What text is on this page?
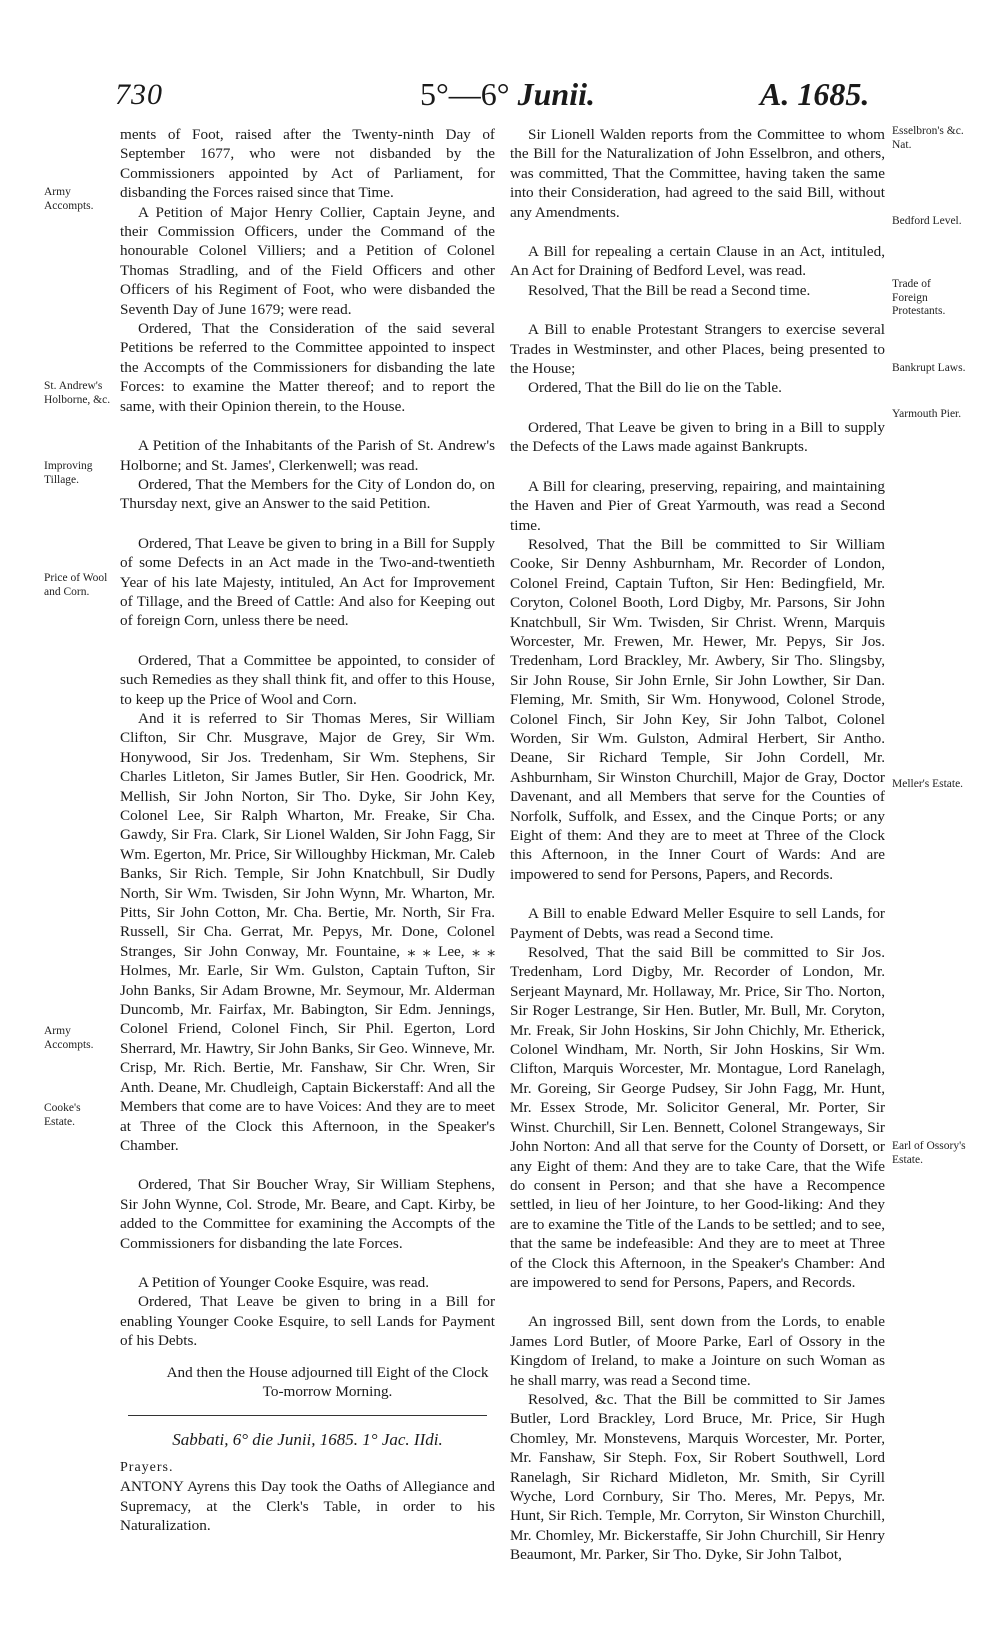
730	5°—6° Junii.	A. 1685.
Army Accompts.
St. Andrew's Holborne, &c.
Improving Tillage.
Price of Wool and Corn.
Army Accompts.
Cooke's Estate.
Esselbron's &c. Nat.
Bedford Level.
Trade of Foreign Protestants.
Bankrupt Laws.
Yarmouth Pier.
Meller's Estate.
Earl of Ossory's Estate.

ments of Foot, raised after the Twenty-ninth Day of September 1677, who were not disbanded by the Commissioners appointed by Act of Parliament, for disbanding the Forces raised since that Time.

A Petition of Major Henry Collier, Captain Jeyne, and their Commission Officers, under the Command of the honourable Colonel Villiers; and a Petition of Colonel Thomas Stradling, and of the Field Officers and other Officers of his Regiment of Foot, who were disbanded the Seventh Day of June 1679; were read.

Ordered, That the Consideration of the said several Petitions be referred to the Committee appointed to inspect the Accompts of the Commissioners for disbanding the late Forces: to examine the Matter thereof; and to report the same, with their Opinion therein, to the House.

A Petition of the Inhabitants of the Parish of St. Andrew's Holborne; and St. James', Clerkenwell; was read.

Ordered, That the Members for the City of London do, on Thursday next, give an Answer to the said Petition.

Ordered, That Leave be given to bring in a Bill for Supply of some Defects in an Act made in the Two-and-twentieth Year of his late Majesty, intituled, An Act for Improvement of Tillage, and the Breed of Cattle: And also for Keeping out of foreign Corn, unless there be need.

Ordered, That a Committee be appointed, to consider of such Remedies as they shall think fit, and offer to this House, to keep up the Price of Wool and Corn.

And it is referred to Sir Thomas Meres, Sir William Clifton, Sir Chr. Musgrave, Major de Grey, Sir Wm. Honywood, Sir Jos. Tredenham, Sir Wm. Stephens, Sir Charles Litleton, Sir James Butler, Sir Hen. Goodrick, Mr. Mellish, Sir John Norton, Sir Tho. Dyke, Sir John Key, Colonel Lee, Sir Ralph Wharton, Mr. Freake, Sir Cha. Gawdy, Sir Fra. Clark, Sir Lionel Walden, Sir John Fagg, Sir Wm. Egerton, Mr. Price, Sir Willoughby Hickman, Mr. Caleb Banks, Sir Rich. Temple, Sir John Knatchbull, Sir Dudly North, Sir Wm. Twisden, Sir John Wynn, Mr. Wharton, Mr. Pitts, Sir John Cotton, Mr. Cha. Bertie, Mr. North, Sir Fra. Russell, Sir Cha. Gerrat, Mr. Pepys, Mr. Done, Colonel Stranges, Sir John Conway, Mr. Fountaine, ⁎ ⁎ Lee, ⁎ ⁎ Holmes, Mr. Earle, Sir Wm. Gulston, Captain Tufton, Sir John Banks, Sir Adam Browne, Mr. Seymour, Mr. Alderman Duncomb, Mr. Fairfax, Mr. Babington, Sir Edm. Jennings, Colonel Friend, Colonel Finch, Sir Phil. Egerton, Lord Sherrard, Mr. Hawtry, Sir John Banks, Sir Geo. Winneve, Mr. Crisp, Mr. Rich. Bertie, Mr. Fanshaw, Sir Chr. Wren, Sir Anth. Deane, Mr. Chudleigh, Captain Bickerstaff: And all the Members that come are to have Voices: And they are to meet at Three of the Clock this Afternoon, in the Speaker's Chamber.

Ordered, That Sir Boucher Wray, Sir William Stephens, Sir John Wynne, Col. Strode, Mr. Beare, and Capt. Kirby, be added to the Committee for examining the Accompts of the Commissioners for disbanding the late Forces.

A Petition of Younger Cooke Esquire, was read.

Ordered, That Leave be given to bring in a Bill for enabling Younger Cooke Esquire, to sell Lands for Payment of his Debts.

And then the House adjourned till Eight of the Clock To-morrow Morning.

Sabbati, 6° die Junii, 1685. 1° Jac. IIdi.

Prayers.

ANTONY Ayrens this Day took the Oaths of Allegiance and Supremacy, at the Clerk's Table, in order to his Naturalization.

Sir Lionell Walden reports from the Committee to whom the Bill for the Naturalization of John Esselbron, and others, was committed, That the Committee, having taken the same into their Consideration, had agreed to the said Bill, without any Amendments.

A Bill for repealing a certain Clause in an Act, intituled, An Act for Draining of Bedford Level, was read.

Resolved, That the Bill be read a Second time.

A Bill to enable Protestant Strangers to exercise several Trades in Westminster, and other Places, being presented to the House;

Ordered, That the Bill do lie on the Table.

Ordered, That Leave be given to bring in a Bill to supply the Defects of the Laws made against Bankrupts.

A Bill for clearing, preserving, repairing, and maintaining the Haven and Pier of Great Yarmouth, was read a Second time.

Resolved, That the Bill be committed to Sir William Cooke, Sir Denny Ashburnham, Mr. Recorder of London, Colonel Freind, Captain Tufton, Sir Hen: Bedingfield, Mr. Coryton, Colonel Booth, Lord Digby, Mr. Parsons, Sir John Knatchbull, Sir Wm. Twisden, Sir Christ. Wrenn, Marquis Worcester, Mr. Frewen, Mr. Hewer, Mr. Pepys, Sir Jos. Tredenham, Lord Brackley, Mr. Awbery, Sir Tho. Slingsby, Sir John Rouse, Sir John Ernle, Sir John Lowther, Sir Dan. Fleming, Mr. Smith, Sir Wm. Honywood, Colonel Strode, Colonel Finch, Sir John Key, Sir John Talbot, Colonel Worden, Sir Wm. Gulston, Admiral Herbert, Sir Antho. Deane, Sir Richard Temple, Sir John Cordell, Mr. Ashburnham, Sir Winston Churchill, Major de Gray, Doctor Davenant, and all Members that serve for the Counties of Norfolk, Suffolk, and Essex, and the Cinque Ports; or any Eight of them: And they are to meet at Three of the Clock this Afternoon, in the Inner Court of Wards: And are impowered to send for Persons, Papers, and Records.

A Bill to enable Edward Meller Esquire to sell Lands, for Payment of Debts, was read a Second time.

Resolved, That the said Bill be committed to Sir Jos. Tredenham, Lord Digby, Mr. Recorder of London, Mr. Serjeant Maynard, Mr. Hollaway, Mr. Price, Sir Tho. Norton, Sir Roger Lestrange, Sir Hen. Butler, Mr. Bull, Mr. Coryton, Mr. Freak, Sir John Hoskins, Sir John Chichly, Mr. Etherick, Colonel Windham, Mr. North, Sir John Hoskins, Sir Wm. Clifton, Marquis Worcester, Mr. Montague, Lord Ranelagh, Mr. Goreing, Sir George Pudsey, Sir John Fagg, Mr. Hunt, Mr. Essex Strode, Mr. Solicitor General, Mr. Porter, Sir Winst. Churchill, Sir Len. Bennett, Colonel Strangeways, Sir John Norton: And all that serve for the County of Dorsett, or any Eight of them: And they are to take Care, that the Wife do consent in Person; and that she have a Recompence settled, in lieu of her Jointure, to her Good-liking: And they are to examine the Title of the Lands to be settled; and to see, that the same be indefeasible: And they are to meet at Three of the Clock this Afternoon, in the Speaker's Chamber: And are impowered to send for Persons, Papers, and Records.

An ingrossed Bill, sent down from the Lords, to enable James Lord Butler, of Moore Parke, Earl of Ossory in the Kingdom of Ireland, to make a Jointure on such Woman as he shall marry, was read a Second time.

Resolved, &c. That the Bill be committed to Sir James Butler, Lord Brackley, Lord Bruce, Mr. Price, Sir Hugh Chomley, Mr. Monstevens, Marquis Worcester, Mr. Porter, Mr. Fanshaw, Sir Steph. Fox, Sir Robert Southwell, Lord Ranelagh, Sir Richard Midleton, Mr. Smith, Sir Cyrill Wyche, Lord Cornbury, Sir Tho. Meres, Mr. Pepys, Mr. Hunt, Sir Rich. Temple, Mr. Corryton, Sir Winston Churchill, Mr. Chomley, Mr. Bickerstaffe, Sir John Churchill, Sir Henry Beaumont, Mr. Parker, Sir Tho. Dyke, Sir John Talbot,
